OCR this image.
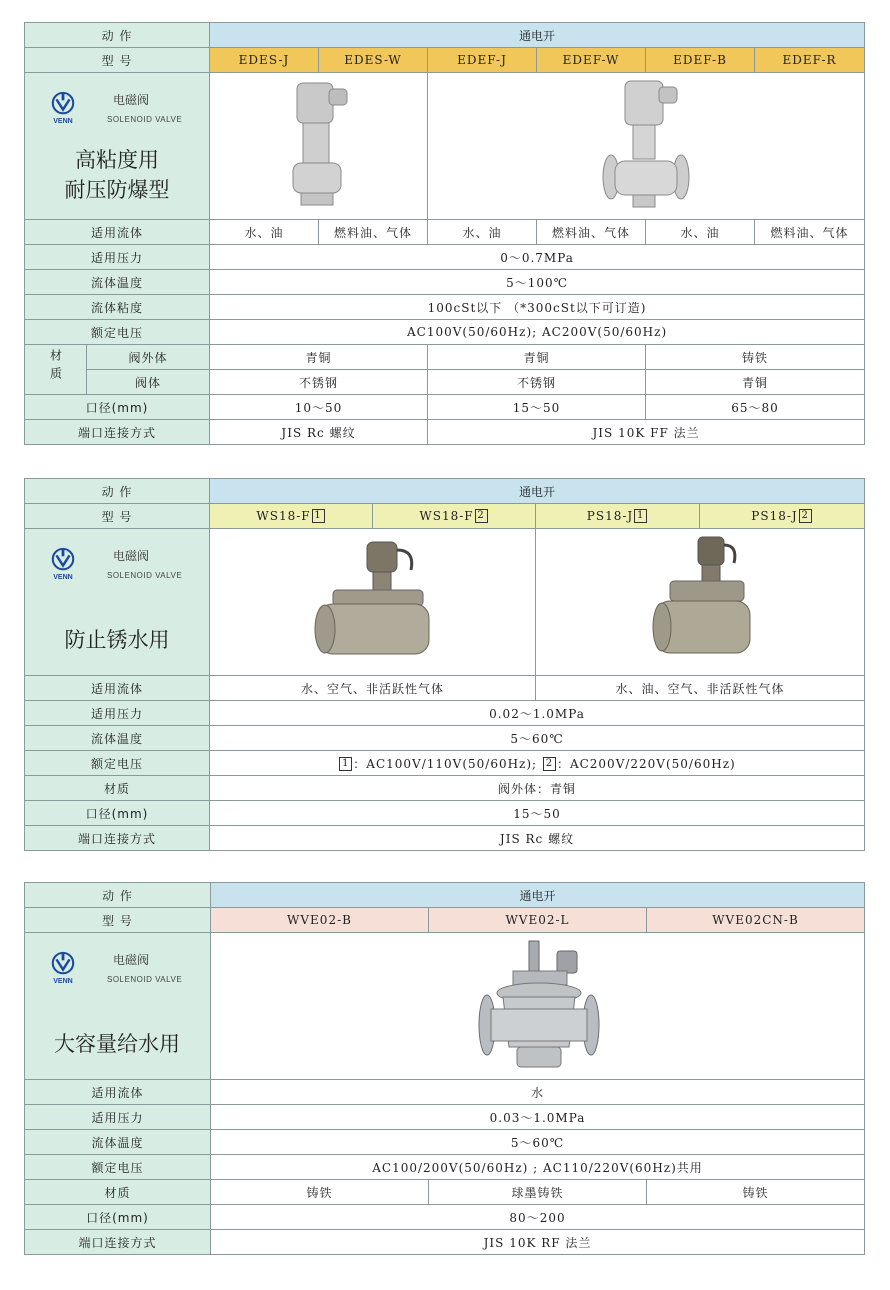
动 作		通电开					
型 号		EDES-J	EDES-W	EDEF-J	EDEF-W	EDEF-B	EDEF-R

VENN
电磁阀
SOLENOID VALVE
高粘度用
耐压防爆型

适用流体		水、油	燃料油、气体	水、油	燃料油、气体	水、油	燃料油、气体
适用压力		0～0.7MPa					
流体温度		5～100℃					
流体粘度		100cSt以下 （*300cSt以下可订造)					
额定电压		AC100V(50/60Hz); AC200V(50/60Hz)					
材质	阀外体	青铜		青铜		铸铁	
	阀体	不锈钢		不锈钢		青铜	
口径(mm)		10～50		15～50		65～80	
端口连接方式		JIS Rc 螺纹		JIS 10K FF 法兰			
动 作	通电开			
型 号	WS18-F 1	WS18-F 2	PS18-J 1	PS18-J 2

VENN
电磁阀
SOLENOID VALVE
防止锈水用

适用流体	水、空气、非活跃性气体		水、油、空气、非活跃性气体	
适用压力	0.02～1.0MPa			
流体温度	5～60℃			
额定电压	1 ：AC100V/110V(50/60Hz); 2 ：AC200V/220V(50/60Hz)			
材质	阀外体：青铜			
口径(mm)	15～50			
端口连接方式	JIS Rc 螺纹			
动 作	通电开		
型 号	WVE02-B	WVE02-L	WVE02CN-B

VENN
电磁阀
SOLENOID VALVE
大容量给水用

适用流体	水		
适用压力	0.03～1.0MPa		
流体温度	5～60℃		
额定电压	AC100/200V(50/60Hz) ; AC110/220V(60Hz)共用		
材质	铸铁	球墨铸铁	铸铁
口径(mm)	80～200		
端口连接方式	JIS 10K RF 法兰		
